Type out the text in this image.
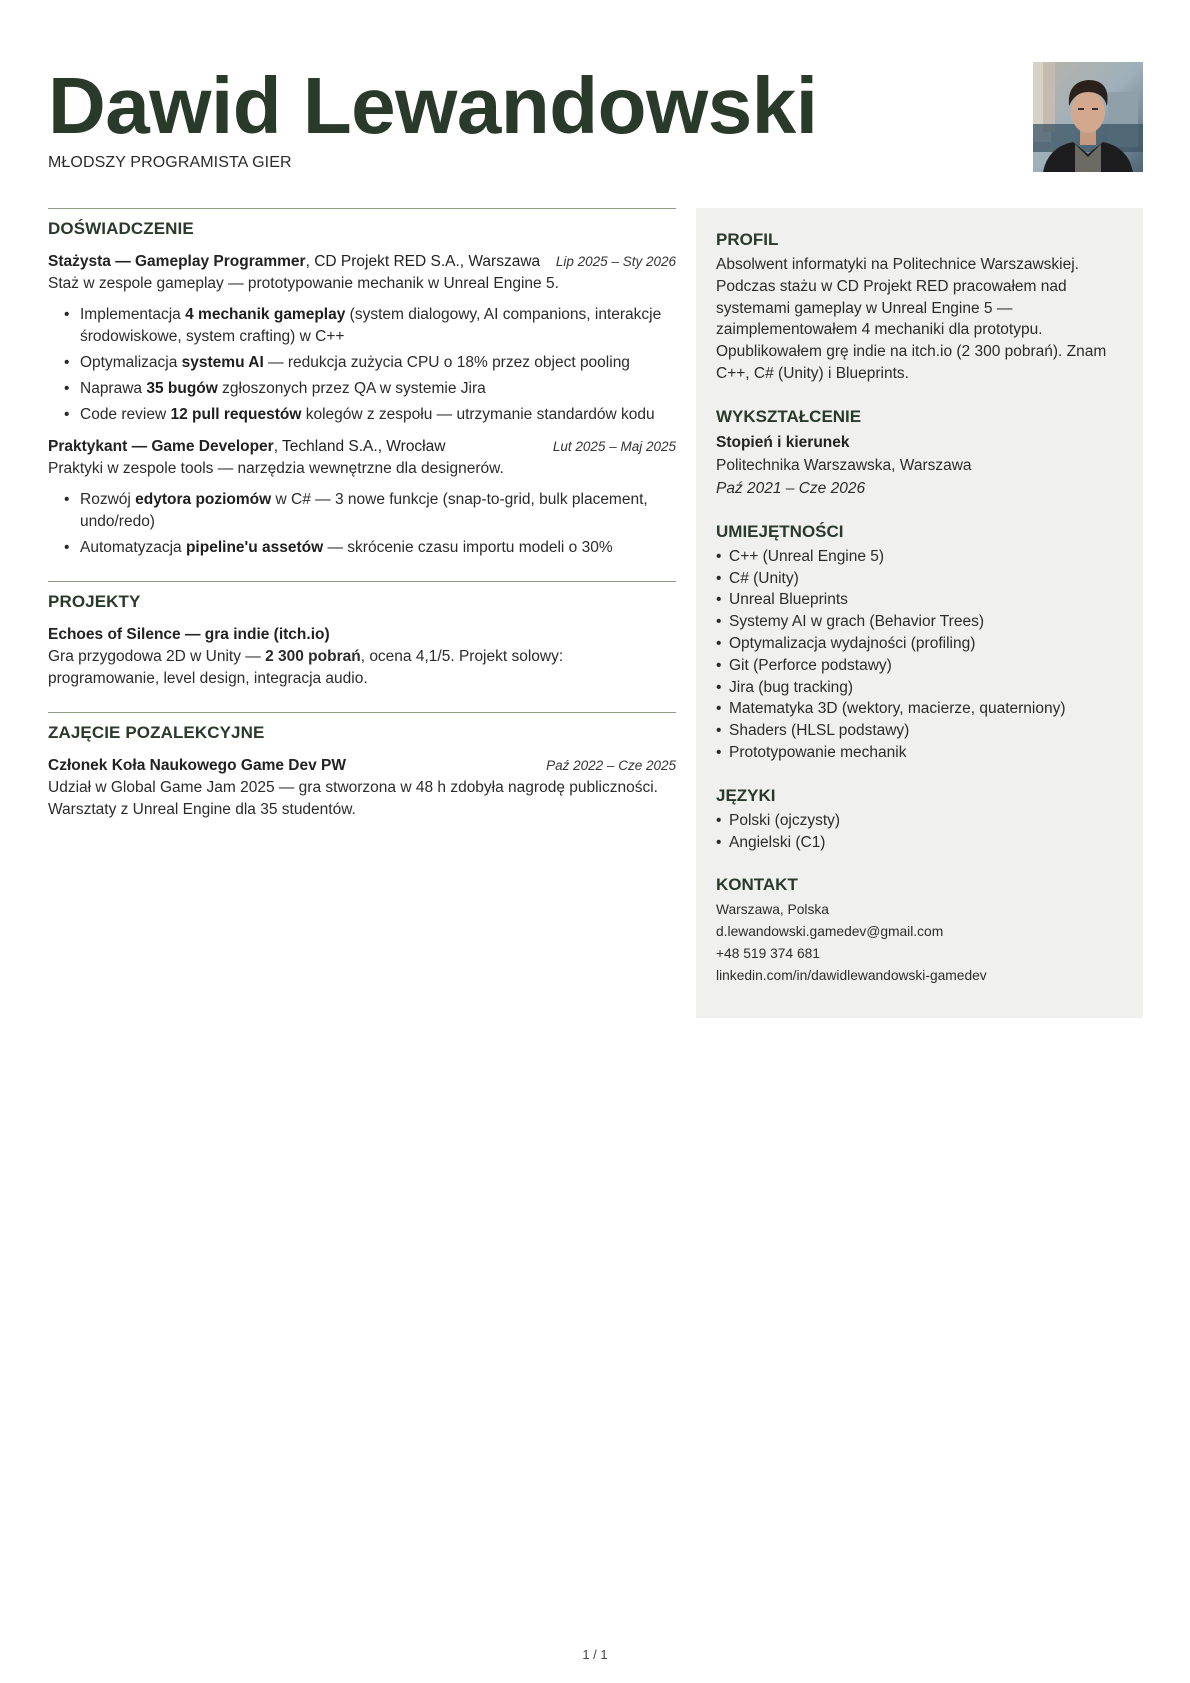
Dawid Lewandowski
MŁODSZY PROGRAMISTA GIER
DOŚWIADCZENIE
Stażysta — Gameplay Programmer, CD Projekt RED S.A., Warszawa	Lip 2025 – Sty 2026
Staż w zespole gameplay — prototypowanie mechanik w Unreal Engine 5.
• Implementacja 4 mechanik gameplay (system dialogowy, AI companions, interakcje środowiskowe, system crafting) w C++
• Optymalizacja systemu AI — redukcja zużycia CPU o 18% przez object pooling
• Naprawa 35 bugów zgłoszonych przez QA w systemie Jira
• Code review 12 pull requestów kolegów z zespołu — utrzymanie standardów kodu
Praktykant — Game Developer, Techland S.A., Wrocław	Lut 2025 – Maj 2025
Praktyki w zespole tools — narzędzia wewnętrzne dla designerów.
• Rozwój edytora poziomów w C# — 3 nowe funkcje (snap-to-grid, bulk placement, undo/redo)
• Automatyzacja pipeline'u assetów — skrócenie czasu importu modeli o 30%
PROJEKTY
Echoes of Silence — gra indie (itch.io)
Gra przygodowa 2D w Unity — 2 300 pobrań, ocena 4,1/5. Projekt solowy: programowanie, level design, integracja audio.
ZAJĘCIE POZALEKCYJNE
Członek Koła Naukowego Game Dev PW	Paź 2022 – Cze 2025
Udział w Global Game Jam 2025 — gra stworzona w 48 h zdobyła nagrodę publiczności. Warsztaty z Unreal Engine dla 35 studentów.
PROFIL
Absolwent informatyki na Politechnice Warszawskiej. Podczas stażu w CD Projekt RED pracowałem nad systemami gameplay w Unreal Engine 5 — zaimplementowałem 4 mechaniki dla prototypu. Opublikowałem grę indie na itch.io (2 300 pobrań). Znam C++, C# (Unity) i Blueprints.
WYKSZTAŁCENIE
Stopień i kierunek
Politechnika Warszawska, Warszawa
Paź 2021 – Cze 2026
UMIEJĘTNOŚCI
• C++ (Unreal Engine 5)
• C# (Unity)
• Unreal Blueprints
• Systemy AI w grach (Behavior Trees)
• Optymalizacja wydajności (profiling)
• Git (Perforce podstawy)
• Jira (bug tracking)
• Matematyka 3D (wektory, macierze, quaterniony)
• Shaders (HLSL podstawy)
• Prototypowanie mechanik
JĘZYKI
• Polski (ojczysty)
• Angielski (C1)
KONTAKT
Warszawa, Polska
d.lewandowski.gamedev@gmail.com
+48 519 374 681
linkedin.com/in/dawidlewandowski-gamedev
1 / 1
